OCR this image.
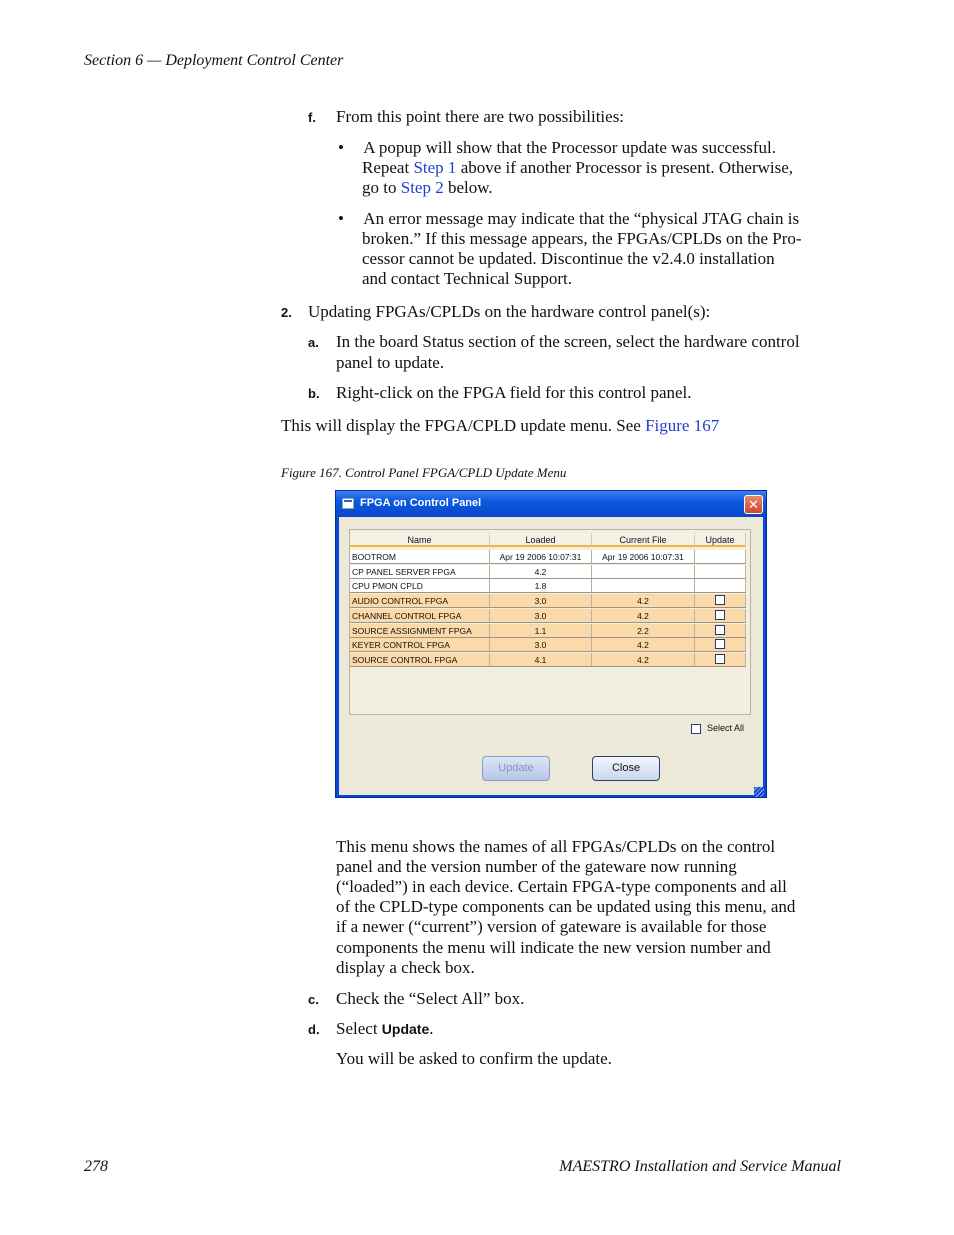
Section 6 — Deployment Control Center
f. From this point there are two possibilities:
• A popup will show that the Processor update was successful.
Repeat Step 1 above if another Processor is present. Otherwise,
go to Step 2 below.
• An error message may indicate that the “physical JTAG chain is
broken.” If this message appears, the FPGAs/CPLDs on the Pro-
cessor cannot be updated. Discontinue the v2.4.0 installation
and contact Technical Support.
2. Updating FPGAs/CPLDs on the hardware control panel(s):
a. In the board Status section of the screen, select the hardware control
panel to update.
b. Right-click on the FPGA field for this control panel.
This will display the FPGA/CPLD update menu. See Figure 167
Figure 167. Control Panel FPGA/CPLD Update Menu
FPGA on Control Panel	✕
Name	Loaded	Current File	Update
BOOTROM	Apr 19 2006 10:07:31	Apr 19 2006 10:07:31
CP PANEL SERVER FPGA	4.2
CPU PMON CPLD	1.8
AUDIO CONTROL FPGA	3.0	4.2
CHANNEL CONTROL FPGA	3.0	4.2
SOURCE ASSIGNMENT FPGA	1.1	2.2
KEYER CONTROL FPGA	3.0	4.2
SOURCE CONTROL FPGA	4.1	4.2
Select All
Update	Close
This menu shows the names of all FPGAs/CPLDs on the control
panel and the version number of the gateware now running
(“loaded”) in each device. Certain FPGA-type components and all
of the CPLD-type components can be updated using this menu, and
if a newer (“current”) version of gateware is available for those
components the menu will indicate the new version number and
display a check box.
c. Check the “Select All” box.
d. Select Update.
You will be asked to confirm the update.
278	MAESTRO Installation and Service Manual
